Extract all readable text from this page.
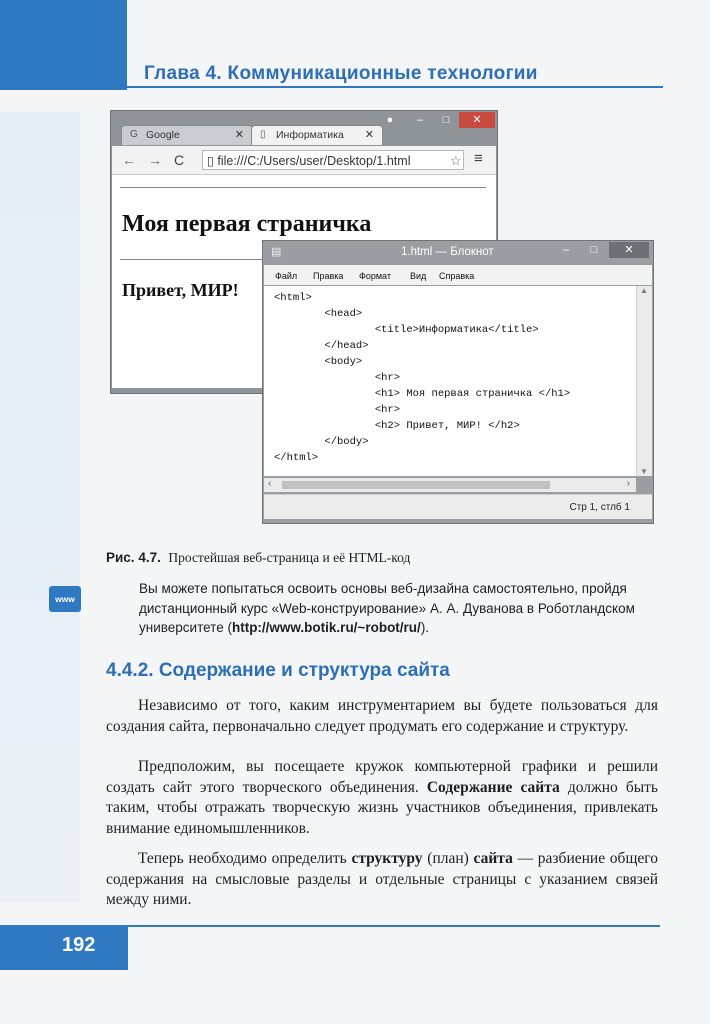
Глава 4. Коммуникационные технологии
G Google	✕ ▯ Информатика ✕
●	–	□	✕
← → C	▯ file:///C:/Users/user/Desktop/1.html	☆ ≡
Моя первая страничка
Привет, МИР!
▤	1.html — Блокнот	–	□	✕
Файл Правка Формат Вид Справка
<html>
<head>
<title>Информатика</title>
</head>
<body>
<hr>
<h1> Моя первая страничка </h1>
<hr>
<h2> Привет, МИР! </h2>
</body>
</html>
▲
▼
‹	›
Стр 1, стлб 1
Рис. 4.7. Простейшая веб-страница и её HTML-код
www
Вы можете попытаться освоить основы веб-дизайна самостоятельно, пройдя дистанционный курс «Web-конструирование» А. А. Дуванова в Роботландском университете (http://www.botik.ru/~robot/ru/).
4.4.2. Содержание и структура сайта
Независимо от того, каким инструментарием вы будете пользоваться для создания сайта, первоначально следует продумать его содержание и структуру.
Предположим, вы посещаете кружок компьютерной графики и решили создать сайт этого творческого объединения. Содержание сайта должно быть таким, чтобы отражать творческую жизнь участников объединения, привлекать внимание единомышленников.
Теперь необходимо определить структуру (план) сайта — разбиение общего содержания на смысловые разделы и отдельные страницы с указанием связей между ними.
192
